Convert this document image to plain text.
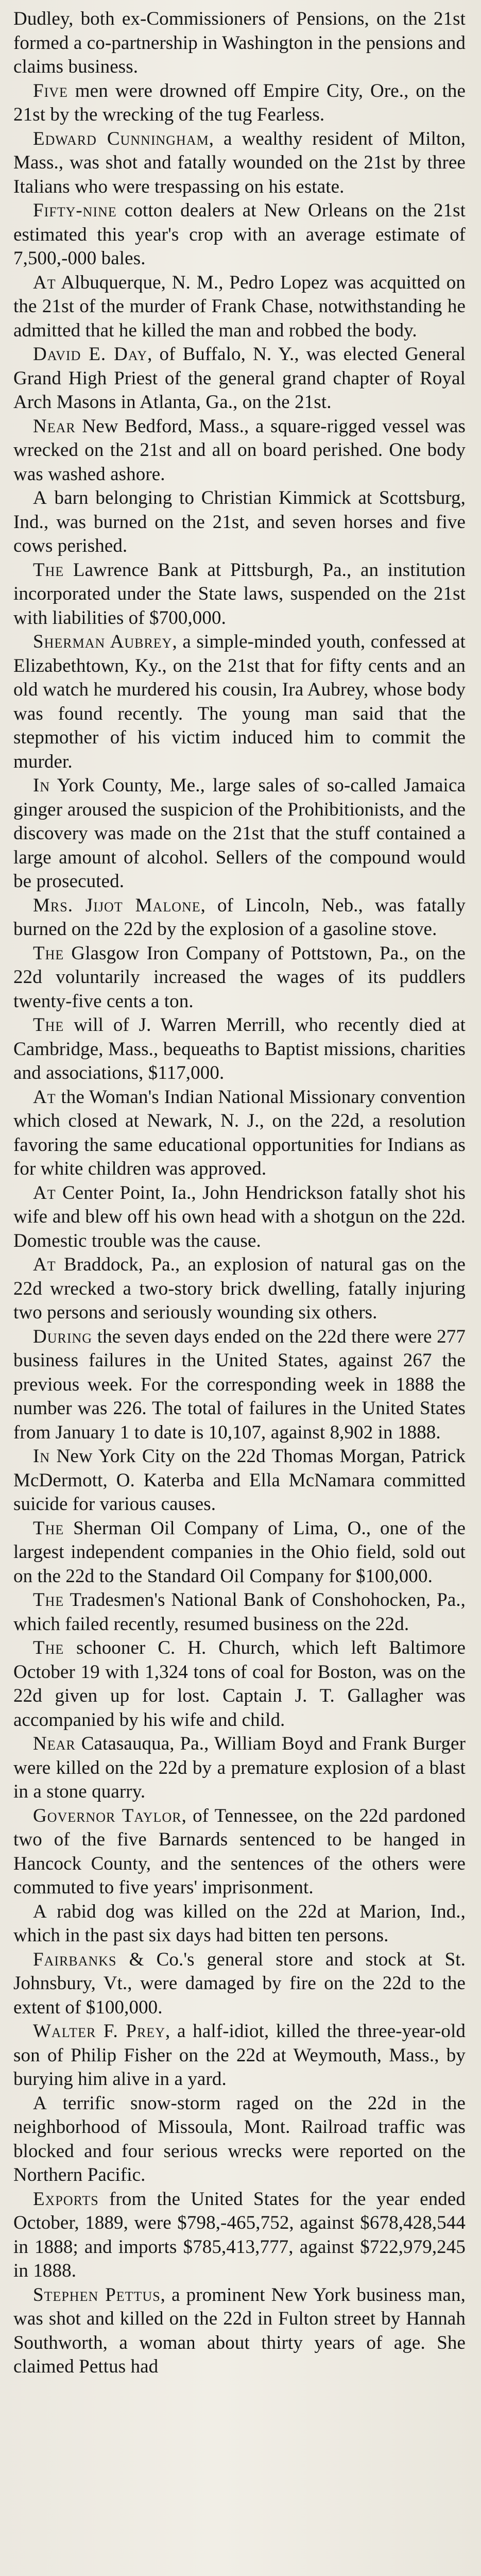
Dudley, both ex-Commissioners of Pensions, on the 21st formed a co-partnership in Washington in the pensions and claims business.

Five men were drowned off Empire City, Ore., on the 21st by the wrecking of the tug Fearless.

Edward Cunningham, a wealthy resident of Milton, Mass., was shot and fatally wounded on the 21st by three Italians who were trespassing on his estate.

Fifty-nine cotton dealers at New Orleans on the 21st estimated this year's crop with an average estimate of 7,500,-000 bales.

At Albuquerque, N. M., Pedro Lopez was acquitted on the 21st of the murder of Frank Chase, notwithstanding he admitted that he killed the man and robbed the body.

David E. Day, of Buffalo, N. Y., was elected General Grand High Priest of the general grand chapter of Royal Arch Masons in Atlanta, Ga., on the 21st.

Near New Bedford, Mass., a square-rigged vessel was wrecked on the 21st and all on board perished. One body was washed ashore.

A barn belonging to Christian Kimmick at Scottsburg, Ind., was burned on the 21st, and seven horses and five cows perished.

The Lawrence Bank at Pittsburgh, Pa., an institution incorporated under the State laws, suspended on the 21st with liabilities of $700,000.

Sherman Aubrey, a simple-minded youth, confessed at Elizabethtown, Ky., on the 21st that for fifty cents and an old watch he murdered his cousin, Ira Aubrey, whose body was found recently. The young man said that the stepmother of his victim induced him to commit the murder.

In York County, Me., large sales of so-called Jamaica ginger aroused the suspicion of the Prohibitionists, and the discovery was made on the 21st that the stuff contained a large amount of alcohol. Sellers of the compound would be prosecuted.

Mrs. Jijot Malone, of Lincoln, Neb., was fatally burned on the 22d by the explosion of a gasoline stove.

The Glasgow Iron Company of Pottstown, Pa., on the 22d voluntarily increased the wages of its puddlers twenty-five cents a ton.

The will of J. Warren Merrill, who recently died at Cambridge, Mass., bequeaths to Baptist missions, charities and associations, $117,000.

At the Woman's Indian National Missionary convention which closed at Newark, N. J., on the 22d, a resolution favoring the same educational opportunities for Indians as for white children was approved.

At Center Point, Ia., John Hendrickson fatally shot his wife and blew off his own head with a shotgun on the 22d. Domestic trouble was the cause.

At Braddock, Pa., an explosion of natural gas on the 22d wrecked a two-story brick dwelling, fatally injuring two persons and seriously wounding six others.

During the seven days ended on the 22d there were 277 business failures in the United States, against 267 the previous week. For the corresponding week in 1888 the number was 226. The total of failures in the United States from January 1 to date is 10,107, against 8,902 in 1888.

In New York City on the 22d Thomas Morgan, Patrick McDermott, O. Katerba and Ella McNamara committed suicide for various causes.

The Sherman Oil Company of Lima, O., one of the largest independent companies in the Ohio field, sold out on the 22d to the Standard Oil Company for $100,000.

The Tradesmen's National Bank of Conshohocken, Pa., which failed recently, resumed business on the 22d.

The schooner C. H. Church, which left Baltimore October 19 with 1,324 tons of coal for Boston, was on the 22d given up for lost. Captain J. T. Gallagher was accompanied by his wife and child.

Near Catasauqua, Pa., William Boyd and Frank Burger were killed on the 22d by a premature explosion of a blast in a stone quarry.

Governor Taylor, of Tennessee, on the 22d pardoned two of the five Barnards sentenced to be hanged in Hancock County, and the sentences of the others were commuted to five years' imprisonment.

A rabid dog was killed on the 22d at Marion, Ind., which in the past six days had bitten ten persons.

Fairbanks & Co.'s general store and stock at St. Johnsbury, Vt., were damaged by fire on the 22d to the extent of $100,000.

Walter F. Prey, a half-idiot, killed the three-year-old son of Philip Fisher on the 22d at Weymouth, Mass., by burying him alive in a yard.

A terrific snow-storm raged on the 22d in the neighborhood of Missoula, Mont. Railroad traffic was blocked and four serious wrecks were reported on the Northern Pacific.

Exports from the United States for the year ended October, 1889, were $798,-465,752, against $678,428,544 in 1888; and imports $785,413,777, against $722,979,245 in 1888.

Stephen Pettus, a prominent New York business man, was shot and killed on the 22d in Fulton street by Hannah Southworth, a woman about thirty years of age. She claimed Pettus had
